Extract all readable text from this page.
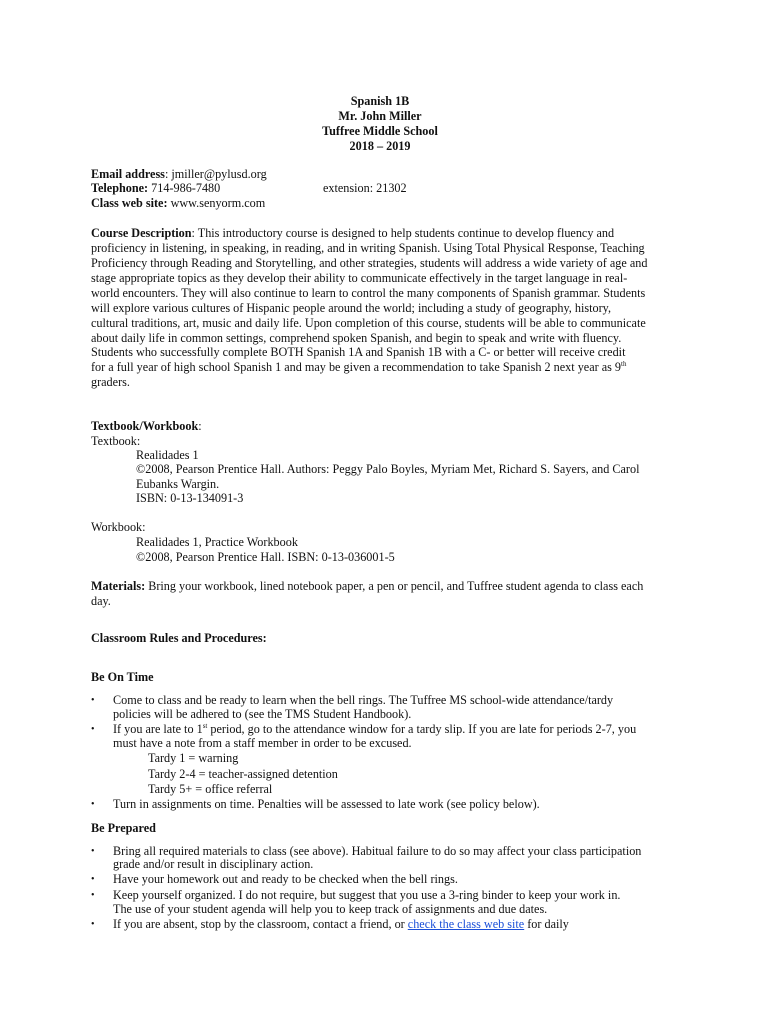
Spanish 1B
Mr. John Miller
Tuffree Middle School
2018 – 2019
Email address: jmiller@pylusd.org
Telephone: 714-986-7480	extension: 21302
Class web site: www.senyorm.com
Course Description: This introductory course is designed to help students continue to develop fluency and
proficiency in listening, in speaking, in reading, and in writing Spanish. Using Total Physical Response, Teaching
Proficiency through Reading and Storytelling, and other strategies, students will address a wide variety of age and
stage appropriate topics as they develop their ability to communicate effectively in the target language in real-
world encounters. They will also continue to learn to control the many components of Spanish grammar. Students
will explore various cultures of Hispanic people around the world; including a study of geography, history,
cultural traditions, art, music and daily life. Upon completion of this course, students will be able to communicate
about daily life in common settings, comprehend spoken Spanish, and begin to speak and write with fluency.
Students who successfully complete BOTH Spanish 1A and Spanish 1B with a C- or better will receive credit
for a full year of high school Spanish 1 and may be given a recommendation to take Spanish 2 next year as 9th
graders.
Textbook/Workbook:
Textbook:
Realidades 1
©2008, Pearson Prentice Hall. Authors: Peggy Palo Boyles, Myriam Met, Richard S. Sayers, and Carol
Eubanks Wargin.
ISBN: 0-13-134091-3
Workbook:
Realidades 1, Practice Workbook
©2008, Pearson Prentice Hall. ISBN: 0-13-036001-5
Materials: Bring your workbook, lined notebook paper, a pen or pencil, and Tuffree student agenda to class each
day.
Classroom Rules and Procedures:
Be On Time
• Come to class and be ready to learn when the bell rings. The Tuffree MS school-wide attendance/tardy
policies will be adhered to (see the TMS Student Handbook).
• If you are late to 1st period, go to the attendance window for a tardy slip. If you are late for periods 2-7, you
must have a note from a staff member in order to be excused.
Tardy 1 = warning
Tardy 2-4 = teacher-assigned detention
Tardy 5+ = office referral
• Turn in assignments on time. Penalties will be assessed to late work (see policy below).
Be Prepared
• Bring all required materials to class (see above). Habitual failure to do so may affect your class participation
grade and/or result in disciplinary action.
• Have your homework out and ready to be checked when the bell rings.
• Keep yourself organized. I do not require, but suggest that you use a 3-ring binder to keep your work in.
The use of your student agenda will help you to keep track of assignments and due dates.
• If you are absent, stop by the classroom, contact a friend, or check the class web site for daily
